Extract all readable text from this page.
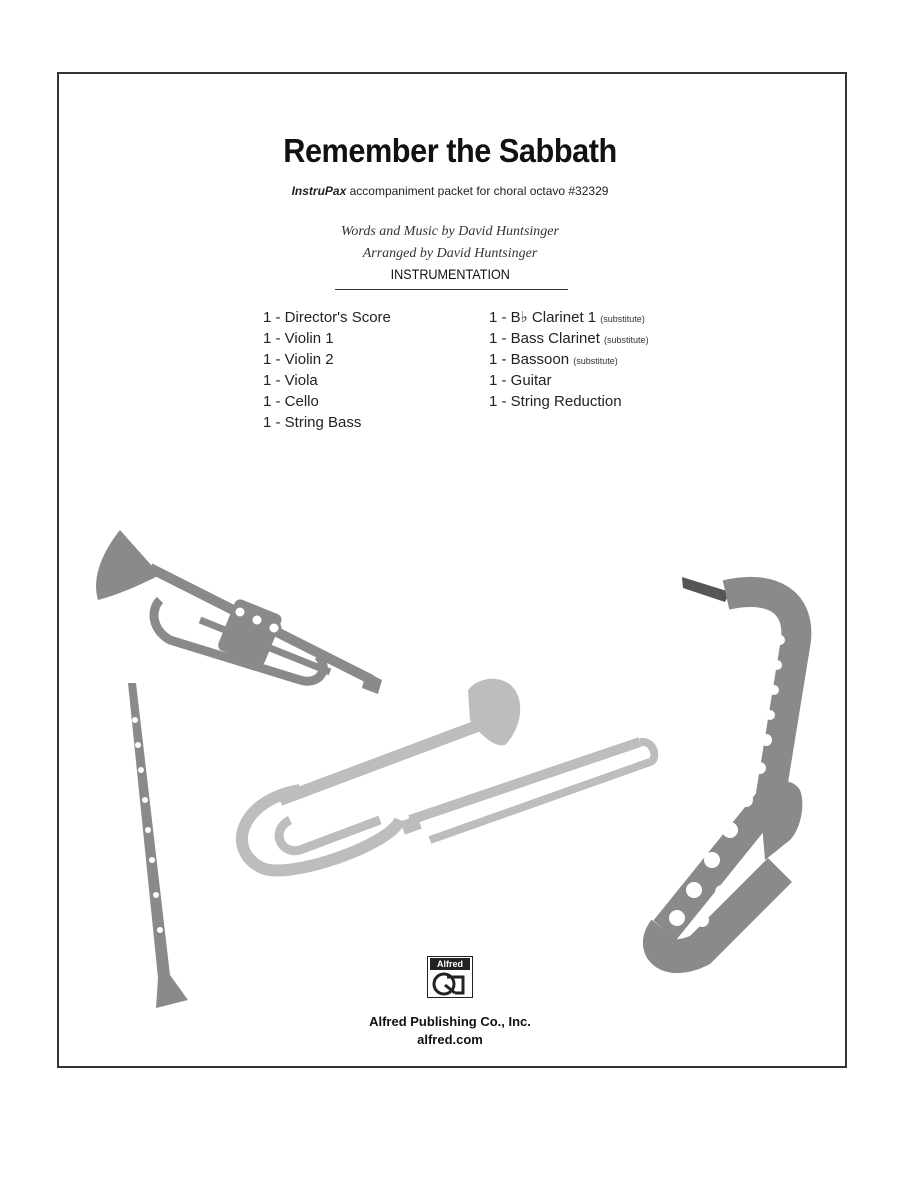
Remember the Sabbath
InstruPax accompaniment packet for choral octavo #32329
Words and Music by David Huntsinger
Arranged by David Huntsinger
INSTRUMENTATION
1 - Director's Score
1 - Violin 1
1 - Violin 2
1 - Viola
1 - Cello
1 - String Bass
1 - B♭ Clarinet 1 (substitute)
1 - Bass Clarinet (substitute)
1 - Bassoon (substitute)
1 - Guitar
1 - String Reduction
Alfred
Alfred Publishing Co., Inc.
alfred.com
